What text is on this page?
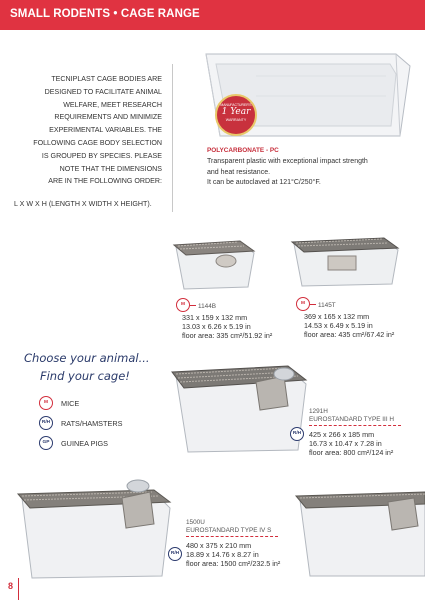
SMALL RODENTS • CAGE RANGE
TECNIPLAST CAGE BODIES ARE
DESIGNED TO FACILITATE ANIMAL
WELFARE, MEET RESEARCH
REQUIREMENTS AND MINIMIZE
EXPERIMENTAL VARIABLES. THE
FOLLOWING CAGE BODY SELECTION
IS GROUPED BY SPECIES. PLEASE
NOTE THAT THE DIMENSIONS
ARE IN THE FOLLOWING ORDER:
L X W X H (LENGTH X WIDTH X HEIGHT).
MANUFACTURER'S
1 Year
WARRANTY
POLYCARBONATE - PC
Transparent plastic with exceptional impact strength
and heat resistance.
It can be autoclaved at 121°C/250°F.
M	1144B
331 x 159 x 132 mm
13.03 x 6.26 x 5.19 in
floor area: 335 cm²/51.92 in²
M	1145T
369 x 165 x 132 mm
14.53 x 6.49 x 5.19 in
floor area: 435 cm²/67.42 in²
Choose your animal...
Find your cage!
M	MICE
R/H	RATS/HAMSTERS
GP	GUINEA PIGS
1291H
EUROSTANDARD TYPE III H
R/H	425 x 266 x 185 mm
16.73 x 10.47 x 7.28 in
floor area: 800 cm²/124 in²
1500U
EUROSTANDARD TYPE IV S
R/H
480 x 375 x 210 mm
18.89 x 14.76 x 8.27 in
floor area: 1500 cm²/232.5 in²
8
